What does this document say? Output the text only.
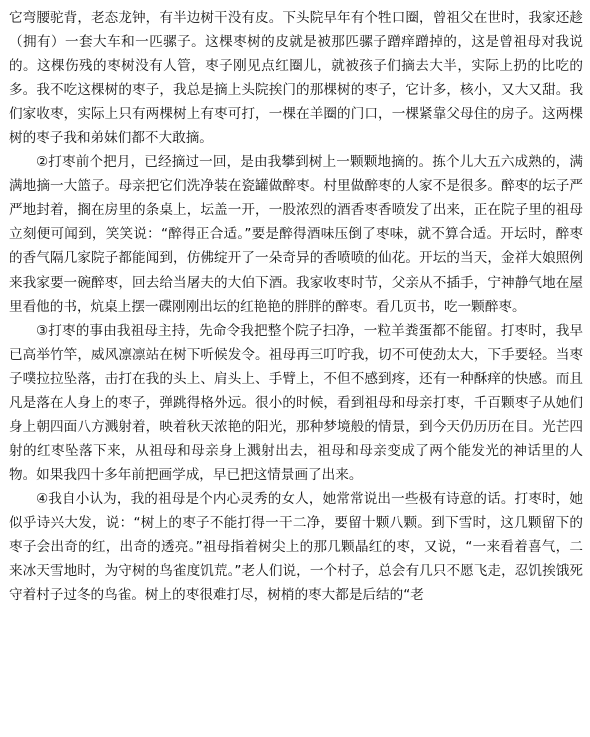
它弯腰驼背，老态龙钟，有半边树干没有皮。下头院早年有个牲口圈，曾祖父在世时，我家还趁（拥有）一套大车和一匹骡子。这棵枣树的皮就是被那匹骡子蹭痒蹭掉的，这是曾祖母对我说的。这棵伤残的枣树没有人管，枣子刚见点红圈儿，就被孩子们摘去大半，实际上扔的比吃的多。我不吃这棵树的枣子，我总是摘上头院挨门的那棵树的枣子，它计多，核小，又大又甜。我们家收枣，实际上只有两棵树上有枣可打，一棵在羊圈的门口，一棵紧靠父母住的房子。这两棵树的枣子我和弟妹们都不大敢摘。

②打枣前个把月，已经摘过一回，是由我攀到树上一颗颗地摘的。拣个儿大五六成熟的，满满地摘一大篮子。母亲把它们洗净装在瓷罐做醉枣。村里做醉枣的人家不是很多。醉枣的坛子严严地封着，搁在房里的条桌上，坛盖一开，一股浓烈的酒香枣香喷发了出来，正在院子里的祖母立刻便可闻到，笑笑说：“醉得正合适。”要是醉得酒味压倒了枣味，就不算合适。开坛时，醉枣的香气隔几家院子都能闻到，仿佛绽开了一朵奇异的香喷喷的仙花。开坛的当天，金祥大娘照例来我家要一碗醉枣，回去给当屠夫的大伯下酒。我家收枣时节，父亲从不插手，宁神静气地在屋里看他的书，炕桌上摆一碟刚刚出坛的红艳艳的胖胖的醉枣。看几页书，吃一颗醉枣。

③打枣的事由我祖母主持，先命令我把整个院子扫净，一粒羊粪蛋都不能留。打枣时，我早已高举竹竿，威风凛凛站在树下听候发令。祖母再三叮咛我，切不可使劲太大，下手要轻。当枣子噗拉拉坠落，击打在我的头上、肩头上、手臂上，不但不感到疼，还有一种酥痒的快感。而且凡是落在人身上的枣子，弹跳得格外远。很小的时候，看到祖母和母亲打枣，千百颗枣子从她们身上朝四面八方溅射着，映着秋天浓艳的阳光，那种梦境般的情景，到今天仍历历在目。光芒四射的红枣坠落下来，从祖母和母亲身上溅射出去，祖母和母亲变成了两个能发光的神话里的人物。如果我四十多年前把画学成，早已把这情景画了出来。

④我自小认为，我的祖母是个内心灵秀的女人，她常常说出一些极有诗意的话。打枣时，她似乎诗兴大发，说：“树上的枣子不能打得一干二净，要留十颗八颗。到下雪时，这几颗留下的枣子会出奇的红，出奇的透亮。”祖母指着树尖上的那几颗晶红的枣，又说，“一来看着喜气，二来冰天雪地时，为守树的鸟雀度饥荒。”老人们说，一个村子，总会有几只不愿飞走，忍饥挨饿死守着村子过冬的鸟雀。树上的枣很难打尽，树梢的枣大都是后结的“老
